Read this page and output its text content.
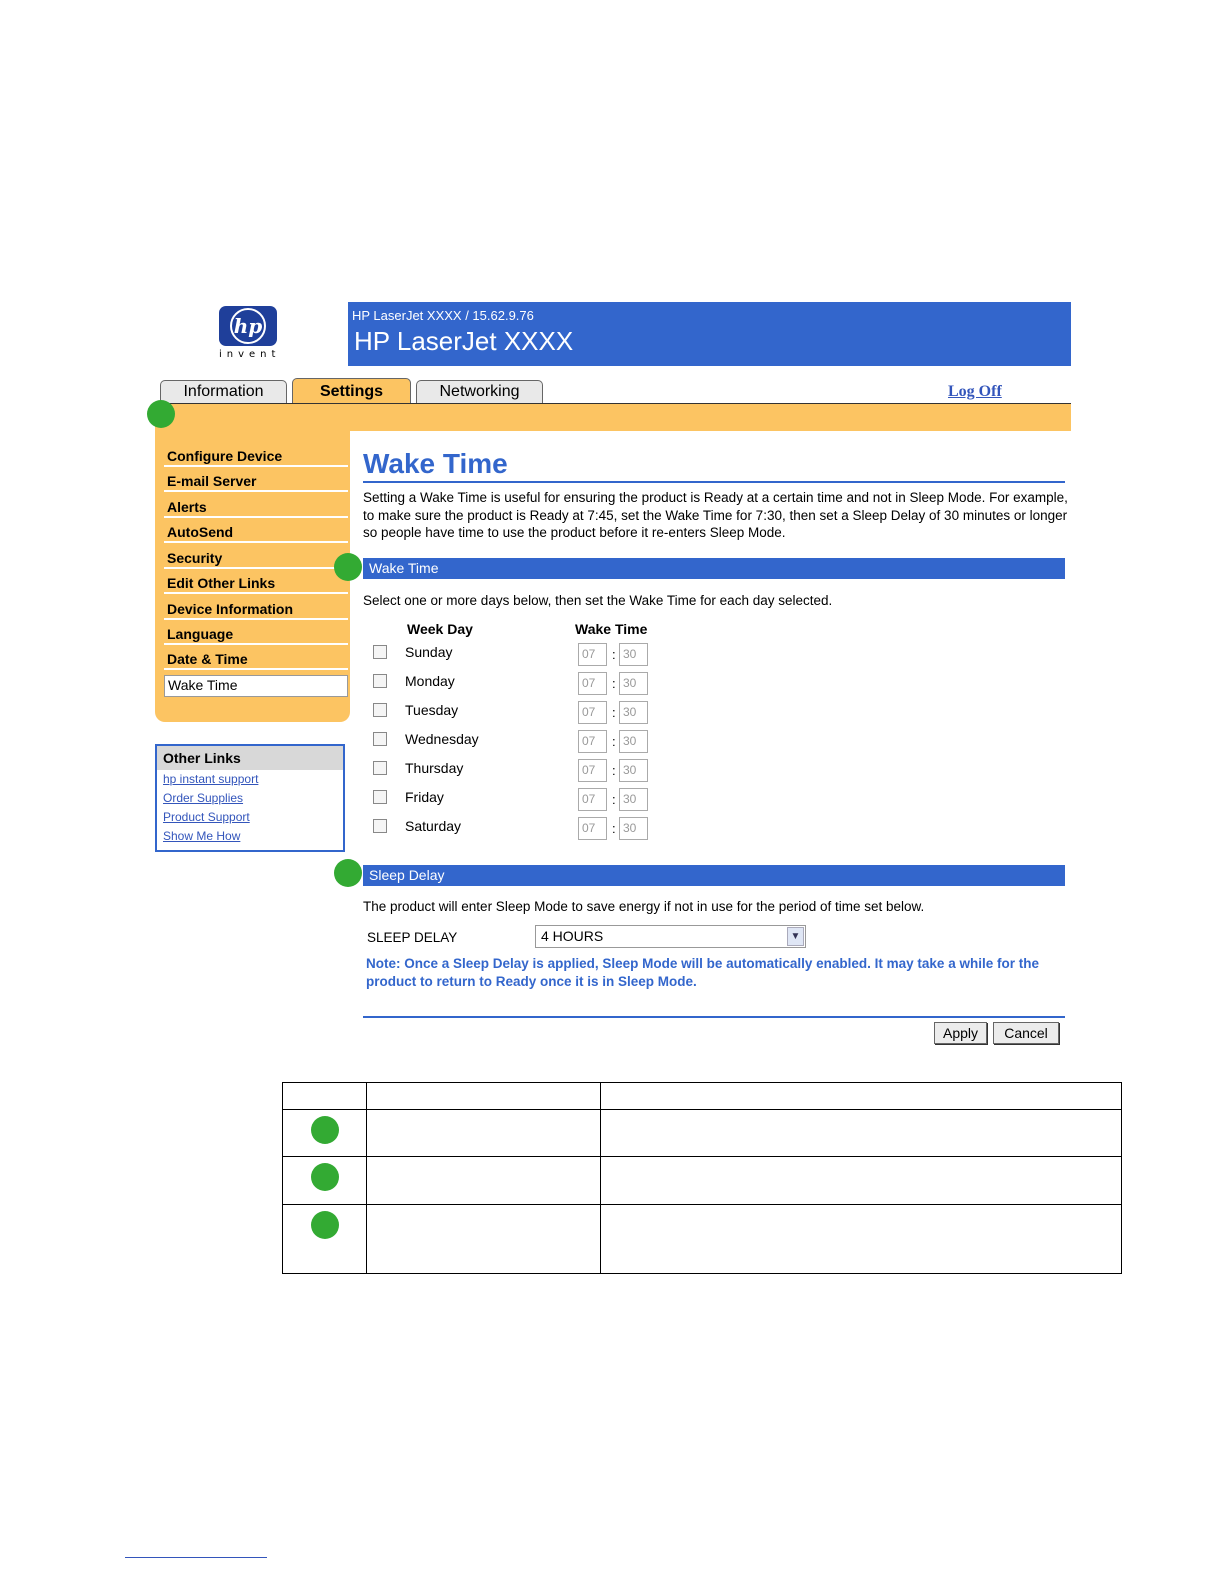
hp
invent
HP LaserJet XXXX / 15.62.9.76
HP LaserJet XXXX
Information	Settings	Networking	Log Off
Configure Device
E-mail Server
Alerts
AutoSend
Security
Edit Other Links
Device Information
Language
Date & Time
Wake Time
Other Links
hp instant support
Order Supplies
Product Support
Show Me How
Wake Time
Setting a Wake Time is useful for ensuring the product is Ready at a certain time and not in Sleep Mode. For example, to make sure the product is Ready at 7:45, set the Wake Time for 7:30, then set a Sleep Delay of 30 minutes or longer so people have time to use the product before it re-enters Sleep Mode.
Wake Time
Select one or more days below, then set the Wake Time for each day selected.
Week Day	Wake Time
Sunday	07	: 30
Monday	07	: 30
Tuesday	07	: 30
Wednesday	07	: 30
Thursday	07	: 30
Friday	07	: 30
Saturday	07	: 30
Sleep Delay
The product will enter Sleep Mode to save energy if not in use for the period of time set below.
SLEEP DELAY	4 HOURS	▼
Note: Once a Sleep Delay is applied, Sleep Mode will be automatically enabled. It may take a while for the product to return to Ready once it is in Sleep Mode.
Apply	Cancel
